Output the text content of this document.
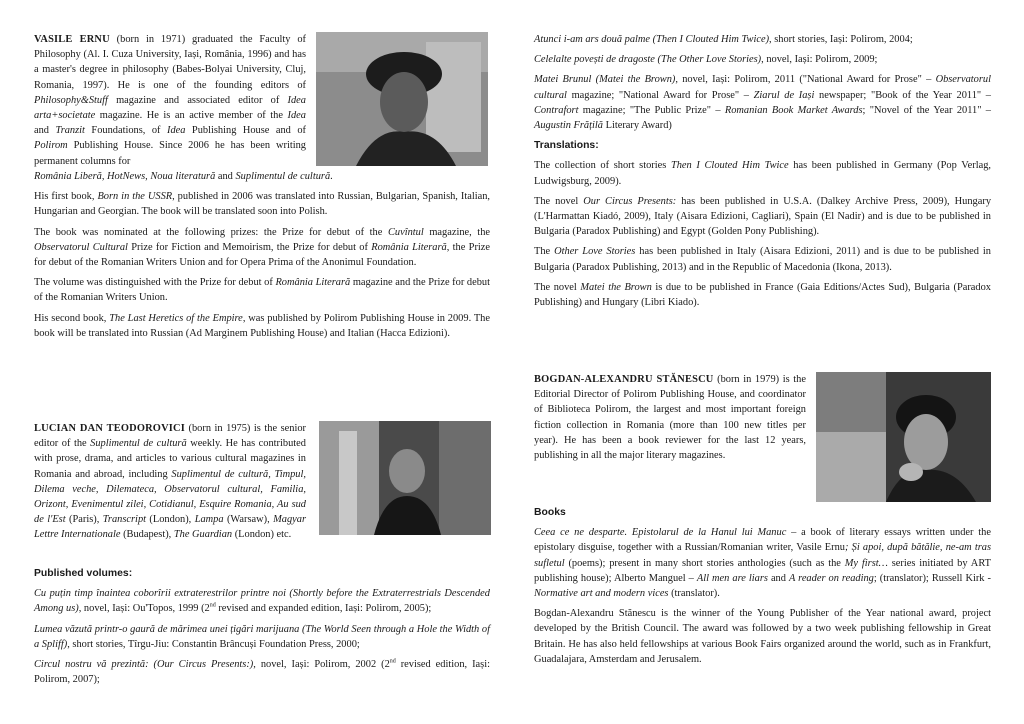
VASILE ERNU (born in 1971) graduated the Faculty of Philosophy (Al. I. Cuza University, Iași, România, 1996) and has a master's degree in philosophy (Babes-Bolyai University, Cluj, Romania, 1997). He is one of the founding editors of Philosophy&Stuff magazine and associated editor of Idea arta+societate magazine. He is an active member of the Idea and Tranzit Foundations, of Idea Publishing House and of Polirom Publishing House. Since 2006 he has been writing permanent columns for

România Liberă, HotNews, Noua literatură and Suplimentul de cultură.

His first book, Born in the USSR, published in 2006 was translated into Russian, Bulgarian, Spanish, Italian, Hungarian and Georgian. The book will be translated soon into Polish.

The book was nominated at the following prizes: the Prize for debut of the Cuvîntul magazine, the Observatorul Cultural Prize for Fiction and Memoirism, the Prize for debut of România Literară, the Prize for debut of the Romanian Writers Union and for Opera Prima of the Anonimul Foundation.

The volume was distinguished with the Prize for debut of România Literară magazine and the Prize for debut of the Romanian Writers Union.

His second book, The Last Heretics of the Empire, was published by Polirom Publishing House in 2009. The book will be translated into Russian (Ad Marginem Publishing House) and Italian (Hacca Edizioni).

LUCIAN DAN TEODOROVICI (born in 1975) is the senior editor of the Suplimentul de cultură weekly. He has contributed with prose, drama, and articles to various cultural magazines in Romania and abroad, including Suplimentul de cultură, Timpul, Dilema veche, Dilemateca, Observatorul cultural, Familia, Orizont, Evenimentul zilei, Cotidianul, Esquire Romania, Au sud de l'Est (Paris), Transcript (London), Lampa (Warsaw), Magyar Lettre Internationale (Budapest), The Guardian (London) etc.

Published volumes:

Cu puțin timp înaintea coborîrii extraterestrilor printre noi (Shortly before the Extraterrestrials Descended Among us), novel, Iași: Ou'Topos, 1999 (2nd revised and expanded edition, Iași: Polirom, 2005);

Lumea văzută printr-o gaură de mărimea unei țigări marijuana (The World Seen through a Hole the Width of a Spliff), short stories, Tîrgu-Jiu: Constantin Brâncuși Foundation Press, 2000;

Circul nostru vă prezintă: (Our Circus Presents:), novel, Iași: Polirom, 2002 (2nd revised edition, Iași: Polirom, 2007);

Atunci i-am ars două palme (Then I Clouted Him Twice), short stories, Iași: Polirom, 2004;

Celelalte povești de dragoste (The Other Love Stories), novel, Iași: Polirom, 2009;

Matei Brunul (Matei the Brown), novel, Iași: Polirom, 2011 ("National Award for Prose" – Observatorul cultural magazine; "National Award for Prose" – Ziarul de Iași newspaper; "Book of the Year 2011" – Contrafort magazine; "The Public Prize" – Romanian Book Market Awards; "Novel of the Year 2011" – Augustin Frățilă Literary Award)

Translations:

The collection of short stories Then I Clouted Him Twice has been published in Germany (Pop Verlag, Ludwigsburg, 2009).

The novel Our Circus Presents: has been published in U.S.A. (Dalkey Archive Press, 2009), Hungary (L'Harmattan Kiadó, 2009), Italy (Aisara Edizioni, Cagliari), Spain (El Nadir) and is due to be published in Bulgaria (Paradox Publishing) and Egypt (Golden Pony Publishing).

The Other Love Stories has been published in Italy (Aisara Edizioni, 2011) and is due to be published in Bulgaria (Paradox Publishing, 2013) and in the Republic of Macedonia (Ikona, 2013).

The novel Matei the Brown is due to be published in France (Gaia Editions/Actes Sud), Bulgaria (Paradox Publishing) and Hungary (Libri Kiado).

BOGDAN-ALEXANDRU STĂNESCU (born in 1979) is the Editorial Director of Polirom Publishing House, and coordinator of Biblioteca Polirom, the largest and most important foreign fiction collection in Romania (more than 100 new titles per year). He has been a book reviewer for the last 12 years, publishing in all the major literary magazines.

Books

Ceea ce ne desparte. Epistolarul de la Hanul lui Manuc – a book of literary essays written under the epistolary disguise, together with a Russian/Romanian writer, Vasile Ernu; Și apoi, după bătălie, ne-am tras sufletul (poems); present in many short stories anthologies (such as the My first… series initiated by ART publishing house); Alberto Manguel – All men are liars and A reader on reading; (translator); Russell Kirk - Normative art and modern vices (translator).

Bogdan-Alexandru Stănescu is the winner of the Young Publisher of the Year national award, project developed by the British Council. The award was followed by a two week publishing fellowship in Great Britain. He has also held fellowships at various Book Fairs organized around the world, such as in Frankfurt, Guadalajara, Amsterdam and Jerusalem.
